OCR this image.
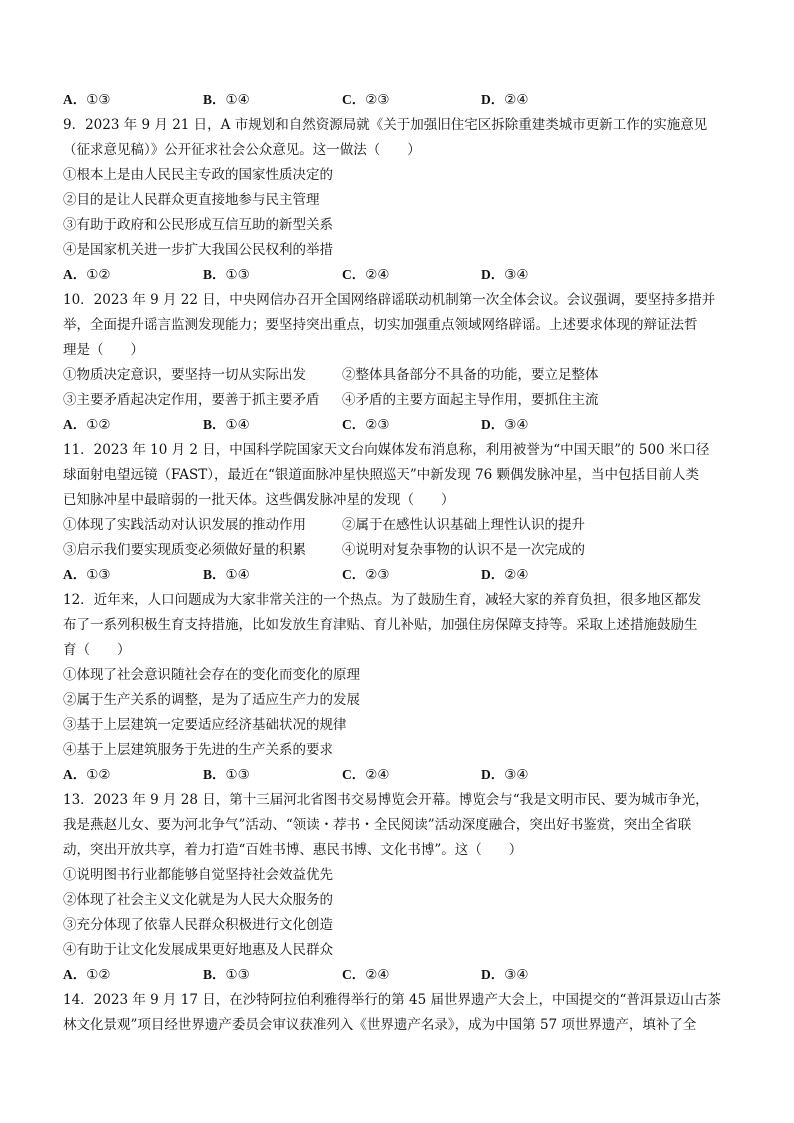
A．①③	B．①④	C．②③	D．②④
9．2023 年 9 月 21 日，A 市规划和自然资源局就《关于加强旧住宅区拆除重建类城市更新工作的实施意见
（征求意见稿）》公开征求社会公众意见。这一做法（　　）
①根本上是由人民民主专政的国家性质决定的
②目的是让人民群众更直接地参与民主管理
③有助于政府和公民形成互信互助的新型关系
④是国家机关进一步扩大我国公民权利的举措
A．①②	B．①③	C．②④	D．③④
10．2023 年 9 月 22 日，中央网信办召开全国网络辟谣联动机制第一次全体会议。会议强调，要坚持多措并
举，全面提升谣言监测发现能力；要坚持突出重点，切实加强重点领域网络辟谣。上述要求体现的辩证法哲
理是（　　）
①物质决定意识，要坚持一切从实际出发	②整体具备部分不具备的功能，要立足整体
③主要矛盾起决定作用，要善于抓主要矛盾 ④矛盾的主要方面起主导作用，要抓住主流
A．①②	B．①④	C．②③	D．③④
11．2023 年 10 月 2 日，中国科学院国家天文台向媒体发布消息称，利用被誉为“中国天眼”的 500 米口径
球面射电望远镜（FAST），最近在“银道面脉冲星快照巡天”中新发现 76 颗偶发脉冲星，当中包括目前人类
已知脉冲星中最暗弱的一批天体。这些偶发脉冲星的发现（　　）
①体现了实践活动对认识发展的推动作用	②属于在感性认识基础上理性认识的提升
③启示我们要实现质变必须做好量的积累	④说明对复杂事物的认识不是一次完成的
A．①③	B．①④	C．②③	D．②④
12．近年来，人口问题成为大家非常关注的一个热点。为了鼓励生育，减轻大家的养育负担，很多地区都发
布了一系列积极生育支持措施，比如发放生育津贴、育儿补贴，加强住房保障支持等。采取上述措施鼓励生
育（　　）
①体现了社会意识随社会存在的变化而变化的原理
②属于生产关系的调整，是为了适应生产力的发展
③基于上层建筑一定要适应经济基础状况的规律
④基于上层建筑服务于先进的生产关系的要求
A．①②	B．①③	C．②④	D．③④
13．2023 年 9 月 28 日，第十三届河北省图书交易博览会开幕。博览会与“我是文明市民、要为城市争光，
我是燕赵儿女、要为河北争气”活动、“领读・荐书・全民阅读”活动深度融合，突出好书鉴赏，突出全省联
动，突出开放共享，着力打造“百姓书博、惠民书博、文化书博”。这（　　）
①说明图书行业都能够自觉坚持社会效益优先
②体现了社会主义文化就是为人民大众服务的
③充分体现了依靠人民群众积极进行文化创造
④有助于让文化发展成果更好地惠及人民群众
A．①②	B．①③	C．②④	D．③④
14．2023 年 9 月 17 日，在沙特阿拉伯利雅得举行的第 45 届世界遗产大会上，中国提交的“普洱景迈山古茶
林文化景观”项目经世界遗产委员会审议获准列入《世界遗产名录》，成为中国第 57 项世界遗产，填补了全
